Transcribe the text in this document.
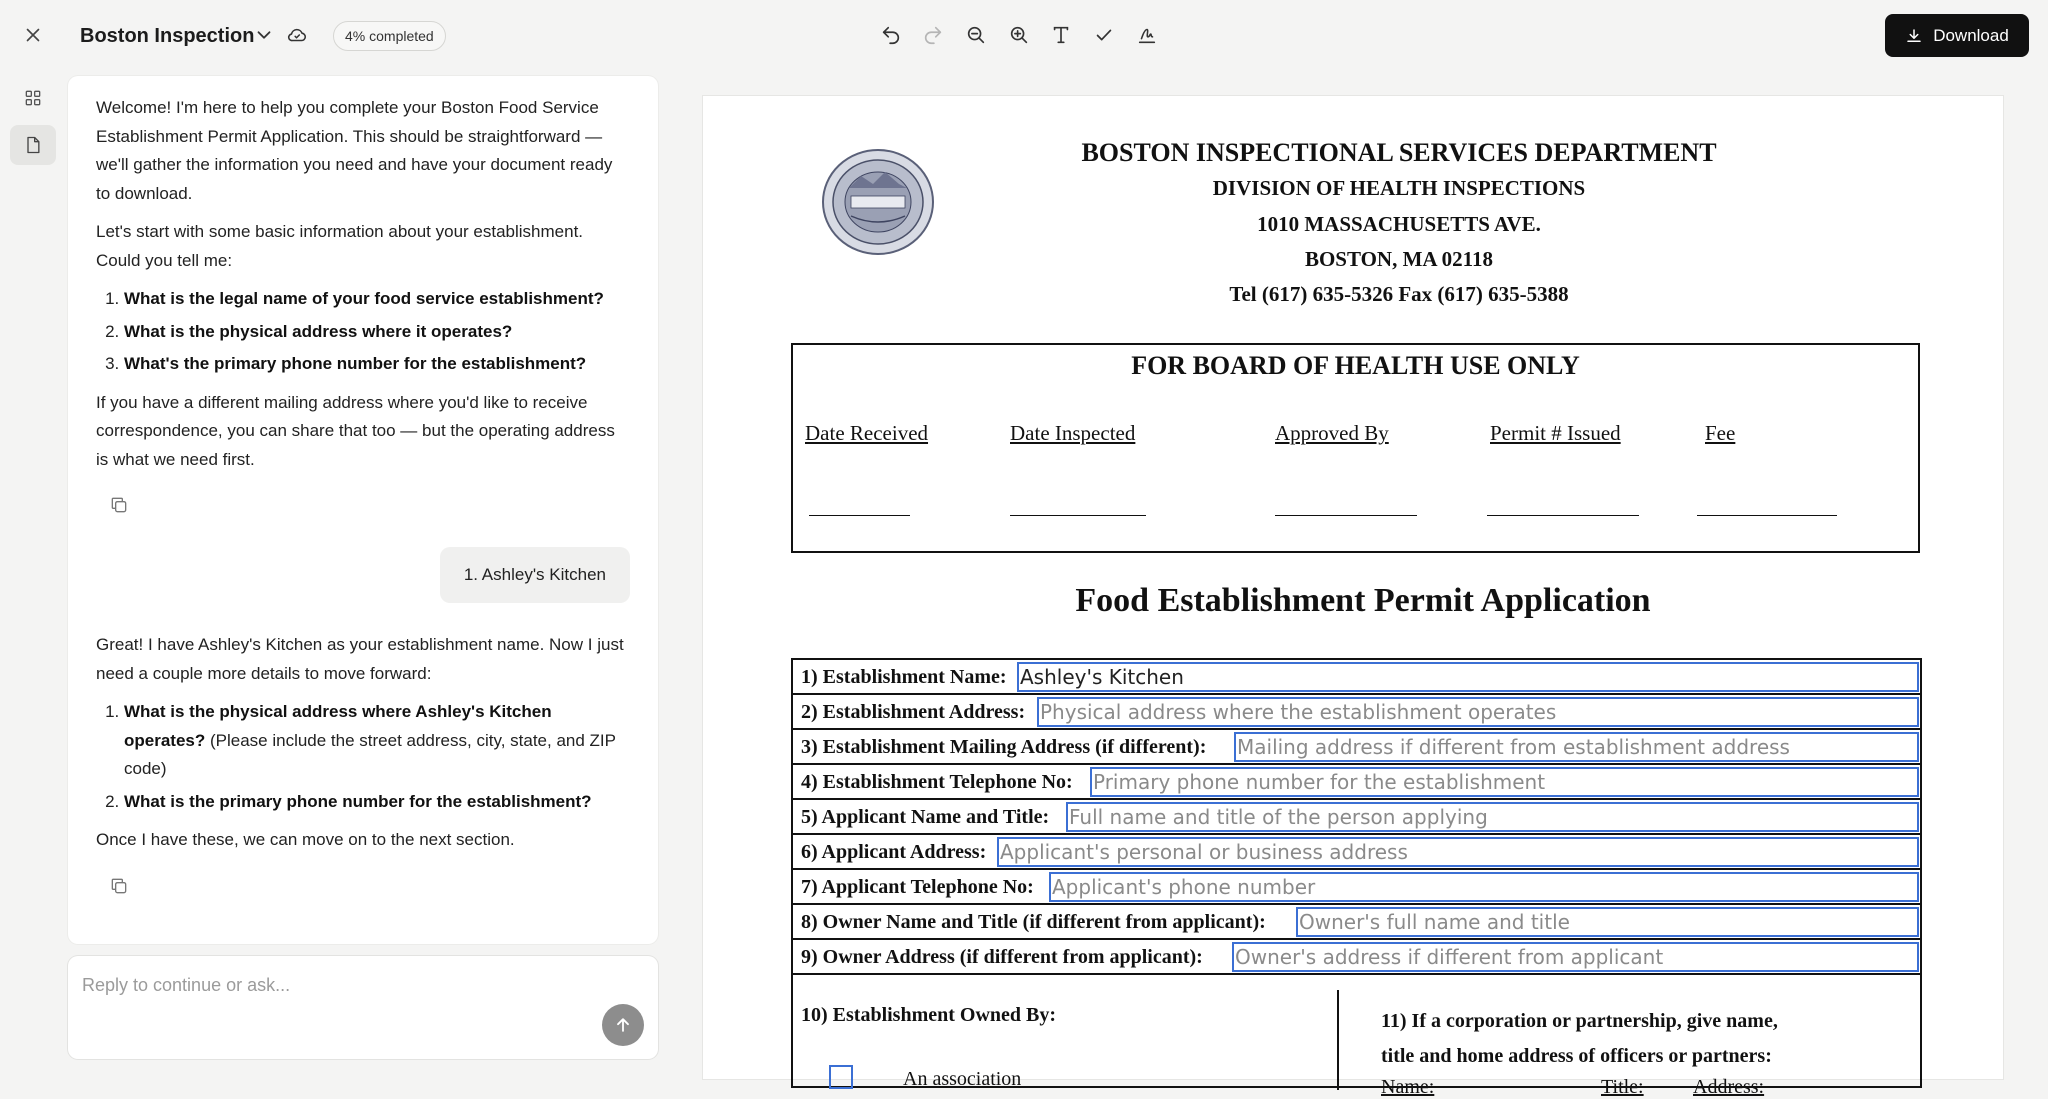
Boston Inspection	4% completed	Download

Welcome! I'm here to help you complete your Boston Food Service Establishment Permit Application. This should be straightforward — we'll gather the information you need and have your document ready to download.

Let's start with some basic information about your establishment. Could you tell me:

1. What is the legal name of your food service establishment?
2. What is the physical address where it operates?
3. What's the primary phone number for the establishment?

If you have a different mailing address where you'd like to receive correspondence, you can share that too — but the operating address is what we need first.

1. Ashley's Kitchen

Great! I have Ashley's Kitchen as your establishment name. Now I just need a couple more details to move forward:

1. What is the physical address where Ashley's Kitchen operates? (Please include the street address, city, state, and ZIP code)
2. What is the primary phone number for the establishment?

Once I have these, we can move on to the next section.

Reply to continue or ask...
BOSTON INSPECTIONAL SERVICES DEPARTMENT
DIVISION OF HEALTH INSPECTIONS
1010 MASSACHUSETTS AVE.
BOSTON, MA 02118
Tel (617) 635-5326 Fax (617) 635-5388
FOR BOARD OF HEALTH USE ONLY
Date Received	Date Inspected	Approved By	Permit # Issued	Fee
Food Establishment Permit Application
1) Establishment Name: Ashley's Kitchen
2) Establishment Address: Physical address where the establishment operates
3) Establishment Mailing Address (if different): Mailing address if different from establishment address
4) Establishment Telephone No: Primary phone number for the establishment
5) Applicant Name and Title: Full name and title of the person applying
6) Applicant Address: Applicant's personal or business address
7) Applicant Telephone No: Applicant's phone number
8) Owner Name and Title (if different from applicant): Owner's full name and title
9) Owner Address (if different from applicant): Owner's address if different from applicant
10) Establishment Owned By:	11) If a corporation or partnership, give name,
title and home address of officers or partners:
An association	Name:	Title: Address:
